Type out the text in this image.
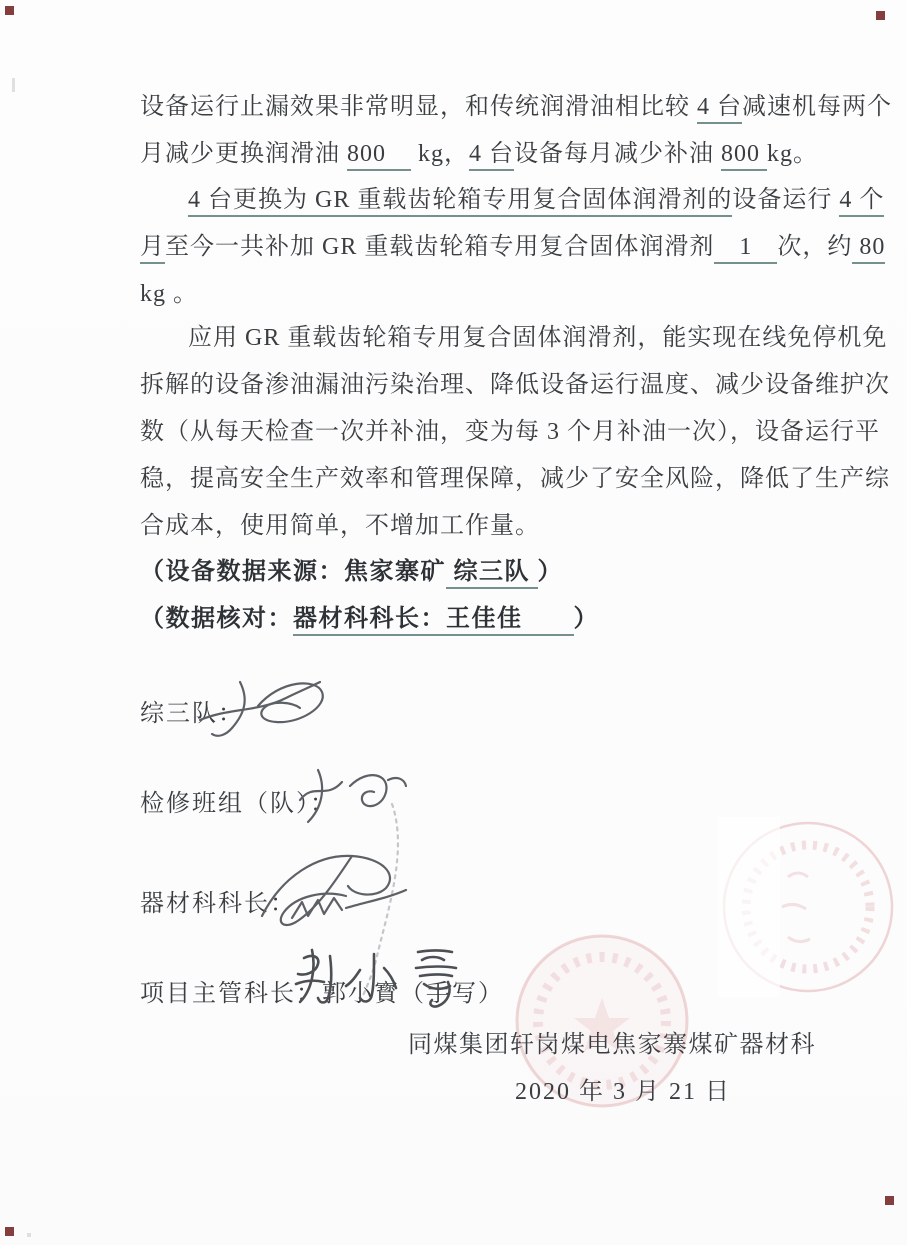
设备运行止漏效果非常明显，和传统润滑油相比较 4 台减速机每两个
月减少更换润滑油 800　 kg，4 台设备每月减少补油 800 kg。
4 台更换为 GR 重载齿轮箱专用复合固体润滑剂的设备运行 4 个
月至今一共补加 GR 重载齿轮箱专用复合固体润滑剂　1　次，约 80
kg 。
应用 GR 重载齿轮箱专用复合固体润滑剂，能实现在线免停机免
拆解的设备渗油漏油污染治理、降低设备运行温度、减少设备维护次
数（从每天检查一次并补油，变为每 3 个月补油一次），设备运行平
稳，提高安全生产效率和管理保障，减少了安全风险，降低了生产综
合成本，使用简单，不增加工作量。
（设备数据来源：焦家寨矿 综三队 ）
（数据核对：器材科科长：王佳佳　　）
综三队：
检修班组（队）：
器材科科长：
项目主管科长：郭小寳（手写）
同煤集团轩岗煤电焦家寨煤矿器材科
2020 年 3 月 21 日
